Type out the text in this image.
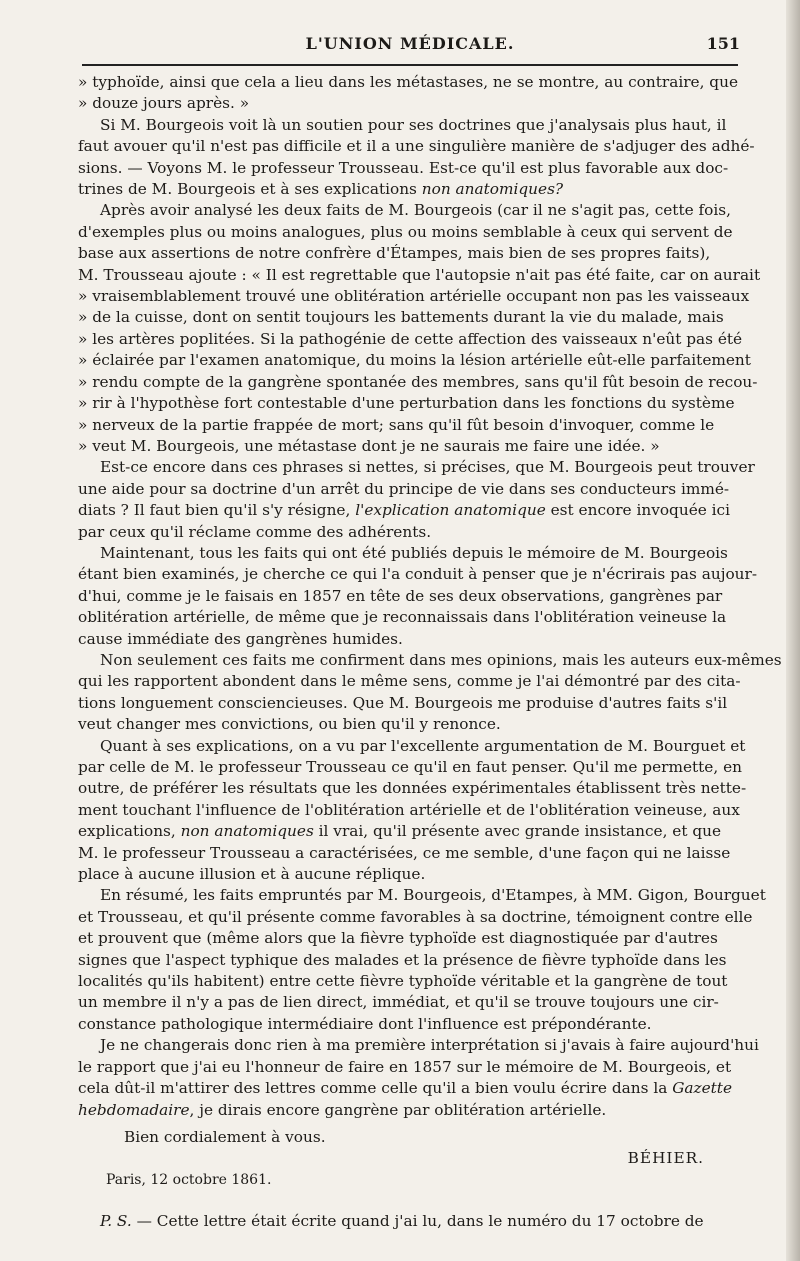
L'UNION MÉDICALE.	151

» typhoïde, ainsi que cela a lieu dans les métastases, ne se montre, au contraire, que
» douze jours après. »

Si M. Bourgeois voit là un soutien pour ses doctrines que j'analysais plus haut, il
faut avouer qu'il n'est pas difficile et il a une singulière manière de s'adjuger des adhé-
sions. — Voyons M. le professeur Trousseau. Est-ce qu'il est plus favorable aux doc-
trines de M. Bourgeois et à ses explications non anatomiques?

Après avoir analysé les deux faits de M. Bourgeois (car il ne s'agit pas, cette fois,
d'exemples plus ou moins analogues, plus ou moins semblable à ceux qui servent de
base aux assertions de notre confrère d'Étampes, mais bien de ses propres faits),
M. Trousseau ajoute : « Il est regrettable que l'autopsie n'ait pas été faite, car on aurait
» vraisemblablement trouvé une oblitération artérielle occupant non pas les vaisseaux
» de la cuisse, dont on sentit toujours les battements durant la vie du malade, mais
» les artères poplitées. Si la pathogénie de cette affection des vaisseaux n'eût pas été
» éclairée par l'examen anatomique, du moins la lésion artérielle eût-elle parfaitement
» rendu compte de la gangrène spontanée des membres, sans qu'il fût besoin de recou-
» rir à l'hypothèse fort contestable d'une perturbation dans les fonctions du système
» nerveux de la partie frappée de mort; sans qu'il fût besoin d'invoquer, comme le
» veut M. Bourgeois, une métastase dont je ne saurais me faire une idée. »

Est-ce encore dans ces phrases si nettes, si précises, que M. Bourgeois peut trouver
une aide pour sa doctrine d'un arrêt du principe de vie dans ses conducteurs immé-
diats ? Il faut bien qu'il s'y résigne, l'explication anatomique est encore invoquée ici
par ceux qu'il réclame comme des adhérents.

Maintenant, tous les faits qui ont été publiés depuis le mémoire de M. Bourgeois
étant bien examinés, je cherche ce qui l'a conduit à penser que je n'écrirais pas aujour-
d'hui, comme je le faisais en 1857 en tête de ses deux observations, gangrènes par
oblitération artérielle, de même que je reconnaissais dans l'oblitération veineuse la
cause immédiate des gangrènes humides.

Non seulement ces faits me confirment dans mes opinions, mais les auteurs eux-mêmes
qui les rapportent abondent dans le même sens, comme je l'ai démontré par des cita-
tions longuement consciencieuses. Que M. Bourgeois me produise d'autres faits s'il
veut changer mes convictions, ou bien qu'il y renonce.

Quant à ses explications, on a vu par l'excellente argumentation de M. Bourguet et
par celle de M. le professeur Trousseau ce qu'il en faut penser. Qu'il me permette, en
outre, de préférer les résultats que les données expérimentales établissent très nette-
ment touchant l'influence de l'oblitération artérielle et de l'oblitération veineuse, aux
explications, non anatomiques il vrai, qu'il présente avec grande insistance, et que
M. le professeur Trousseau a caractérisées, ce me semble, d'une façon qui ne laisse
place à aucune illusion et à aucune réplique.

En résumé, les faits empruntés par M. Bourgeois, d'Etampes, à MM. Gigon, Bourguet
et Trousseau, et qu'il présente comme favorables à sa doctrine, témoignent contre elle
et prouvent que (même alors que la fièvre typhoïde est diagnostiquée par d'autres
signes que l'aspect typhique des malades et la présence de fièvre typhoïde dans les
localités qu'ils habitent) entre cette fièvre typhoïde véritable et la gangrène de tout
un membre il n'y a pas de lien direct, immédiat, et qu'il se trouve toujours une cir-
constance pathologique intermédiaire dont l'influence est prépondérante.

Je ne changerais donc rien à ma première interprétation si j'avais à faire aujourd'hui
le rapport que j'ai eu l'honneur de faire en 1857 sur le mémoire de M. Bourgeois, et
cela dût-il m'attirer des lettres comme celle qu'il a bien voulu écrire dans la Gazette
hebdomadaire, je dirais encore gangrène par oblitération artérielle.

Bien cordialement à vous.
BÉHIER.
Paris, 12 octobre 1861.
P. S. — Cette lettre était écrite quand j'ai lu, dans le numéro du 17 octobre de
